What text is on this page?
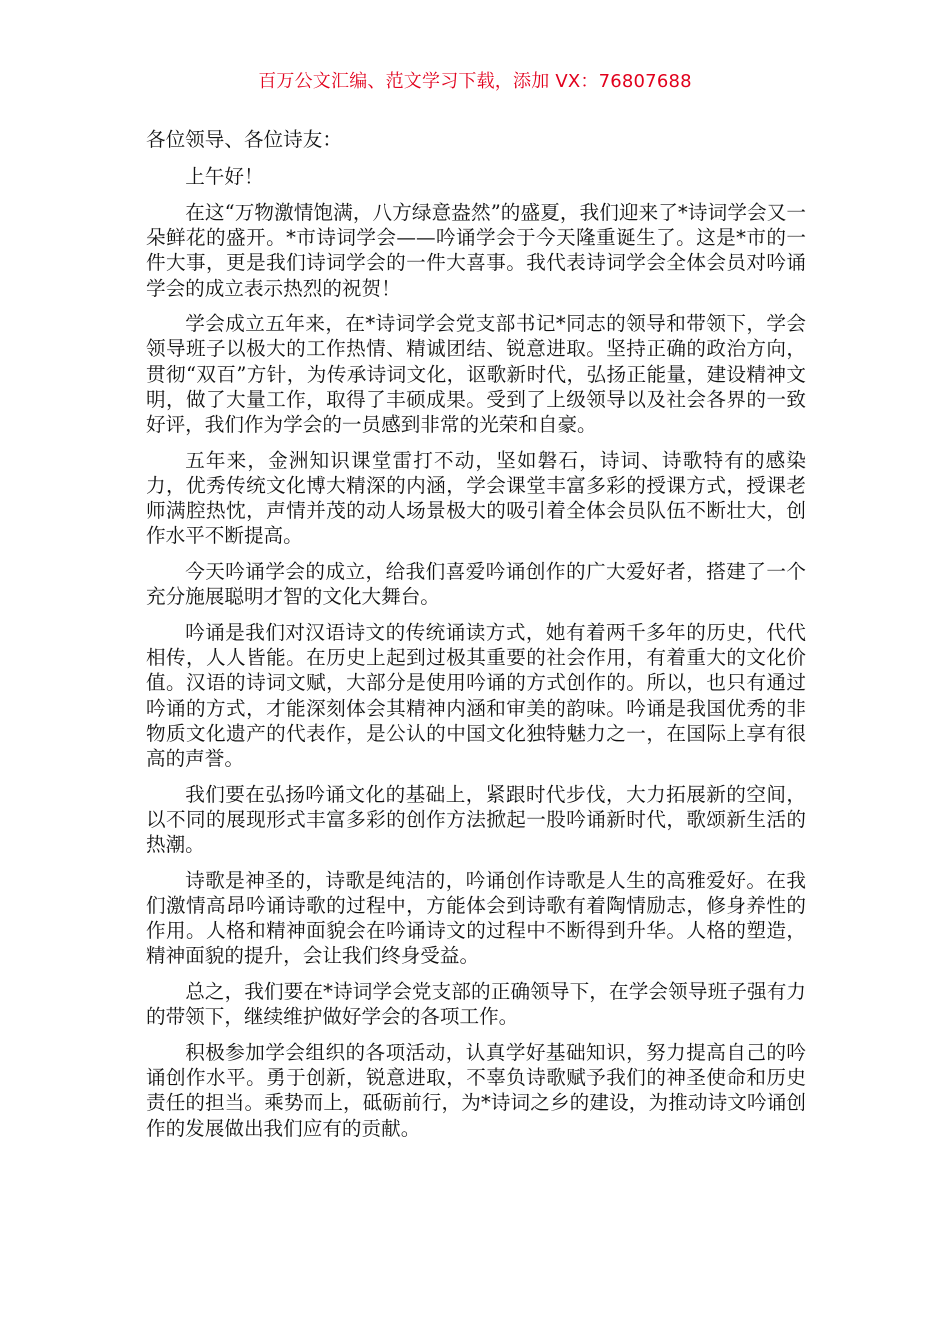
百万公文汇编、范文学习下载，添加 VX：76807688

各位领导、各位诗友：

上午好！

在这“万物激情饱满，八方绿意盎然”的盛夏，我们迎来了*诗词学会又一朵鲜花的盛开。*市诗词学会——吟诵学会于今天隆重诞生了。这是*市的一件大事，更是我们诗词学会的一件大喜事。我代表诗词学会全体会员对吟诵学会的成立表示热烈的祝贺！

学会成立五年来，在*诗词学会党支部书记*同志的领导和带领下，学会领导班子以极大的工作热情、精诚团结、锐意进取。坚持正确的政治方向，贯彻“双百”方针，为传承诗词文化，讴歌新时代，弘扬正能量，建设精神文明，做了大量工作，取得了丰硕成果。受到了上级领导以及社会各界的一致好评，我们作为学会的一员感到非常的光荣和自豪。

五年来，金洲知识课堂雷打不动，坚如磐石，诗词、诗歌特有的感染力，优秀传统文化博大精深的内涵，学会课堂丰富多彩的授课方式，授课老师满腔热忱，声情并茂的动人场景极大的吸引着全体会员队伍不断壮大，创作水平不断提高。

今天吟诵学会的成立，给我们喜爱吟诵创作的广大爱好者，搭建了一个充分施展聪明才智的文化大舞台。

吟诵是我们对汉语诗文的传统诵读方式，她有着两千多年的历史，代代相传，人人皆能。在历史上起到过极其重要的社会作用，有着重大的文化价值。汉语的诗词文赋，大部分是使用吟诵的方式创作的。所以，也只有通过吟诵的方式，才能深刻体会其精神内涵和审美的韵味。吟诵是我国优秀的非物质文化遗产的代表作，是公认的中国文化独特魅力之一，在国际上享有很高的声誉。

我们要在弘扬吟诵文化的基础上，紧跟时代步伐，大力拓展新的空间，以不同的展现形式丰富多彩的创作方法掀起一股吟诵新时代，歌颂新生活的热潮。

诗歌是神圣的，诗歌是纯洁的，吟诵创作诗歌是人生的高雅爱好。在我们激情高昂吟诵诗歌的过程中，方能体会到诗歌有着陶情励志，修身养性的作用。人格和精神面貌会在吟诵诗文的过程中不断得到升华。人格的塑造，精神面貌的提升，会让我们终身受益。

总之，我们要在*诗词学会党支部的正确领导下，在学会领导班子强有力的带领下，继续维护做好学会的各项工作。

积极参加学会组织的各项活动，认真学好基础知识，努力提高自己的吟诵创作水平。勇于创新，锐意进取，不辜负诗歌赋予我们的神圣使命和历史责任的担当。乘势而上，砥砺前行，为*诗词之乡的建设，为推动诗文吟诵创作的发展做出我们应有的贡献。
